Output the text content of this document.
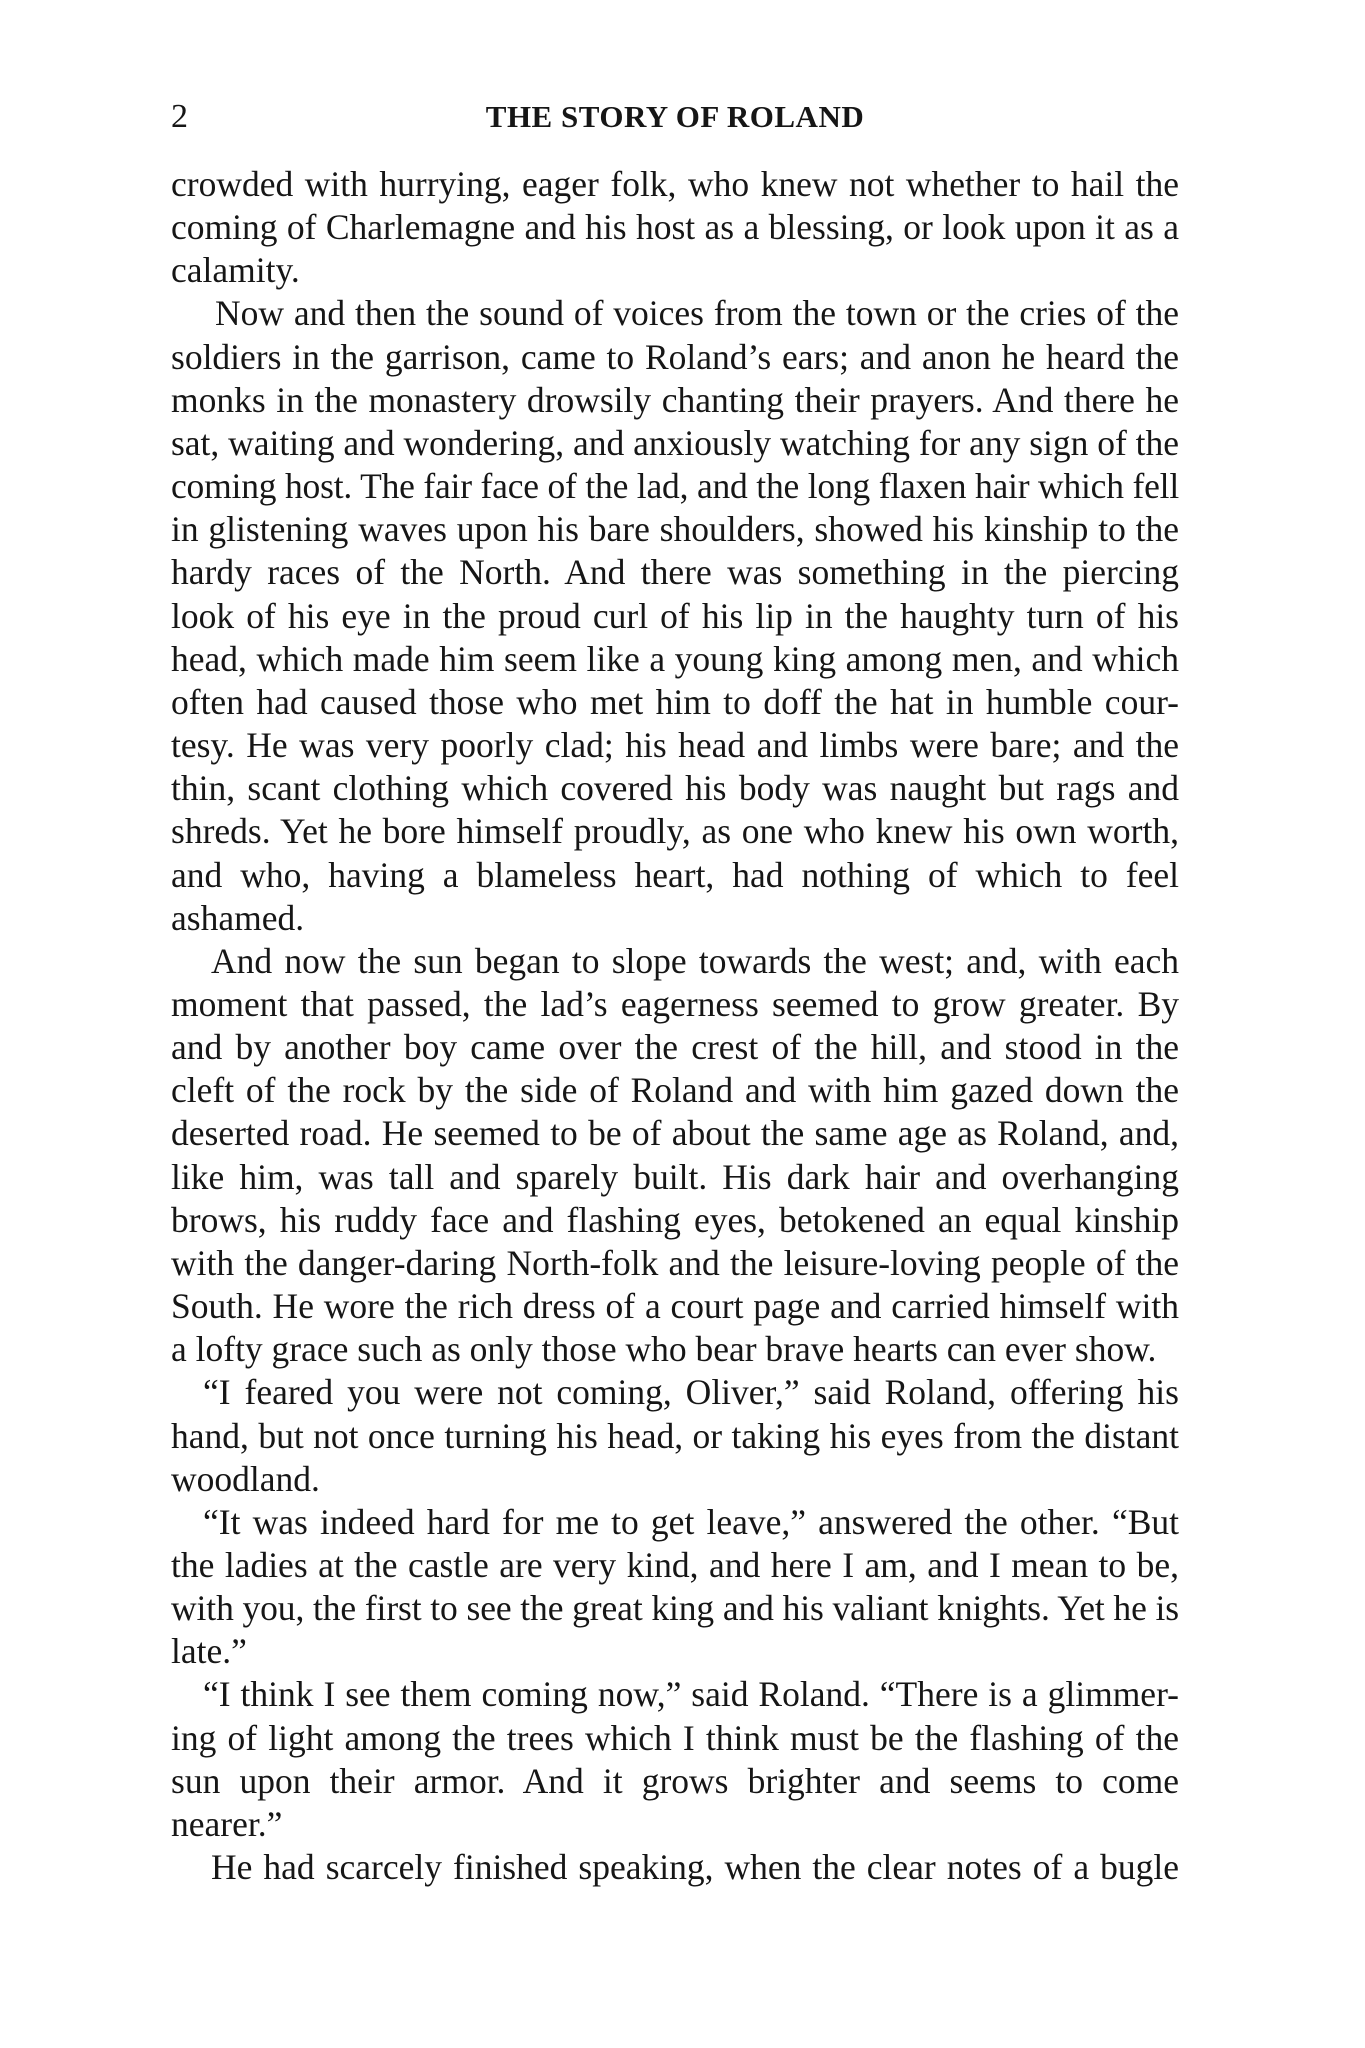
2	THE STORY OF ROLAND

crowded with hurrying, eager folk, who knew not whether to hail the
coming of Charlemagne and his host as a blessing, or look upon it as a
calamity.

Now and then the sound of voices from the town or the cries of the
soldiers in the garrison, came to Roland’s ears; and anon he heard the
monks in the monastery drowsily chanting their prayers. And there he
sat, waiting and wondering, and anxiously watching for any sign of the
coming host. The fair face of the lad, and the long flaxen hair which fell
in glistening waves upon his bare shoulders, showed his kinship to the
hardy races of the North. And there was something in the piercing
look of his eye in the proud curl of his lip in the haughty turn of his
head, which made him seem like a young king among men, and which
often had caused those who met him to doff the hat in humble cour-
tesy. He was very poorly clad; his head and limbs were bare; and the
thin, scant clothing which covered his body was naught but rags and
shreds. Yet he bore himself proudly, as one who knew his own worth,
and who, having a blameless heart, had nothing of which to feel
ashamed.

And now the sun began to slope towards the west; and, with each
moment that passed, the lad’s eagerness seemed to grow greater. By
and by another boy came over the crest of the hill, and stood in the
cleft of the rock by the side of Roland and with him gazed down the
deserted road. He seemed to be of about the same age as Roland, and,
like him, was tall and sparely built. His dark hair and overhanging
brows, his ruddy face and flashing eyes, betokened an equal kinship
with the danger-daring North-folk and the leisure-loving people of the
South. He wore the rich dress of a court page and carried himself with
a lofty grace such as only those who bear brave hearts can ever show.

“I feared you were not coming, Oliver,” said Roland, offering his
hand, but not once turning his head, or taking his eyes from the distant
woodland.

“It was indeed hard for me to get leave,” answered the other. “But
the ladies at the castle are very kind, and here I am, and I mean to be,
with you, the first to see the great king and his valiant knights. Yet he is
late.”

“I think I see them coming now,” said Roland. “There is a glimmer-
ing of light among the trees which I think must be the flashing of the
sun upon their armor. And it grows brighter and seems to come
nearer.”

He had scarcely finished speaking, when the clear notes of a bugle
